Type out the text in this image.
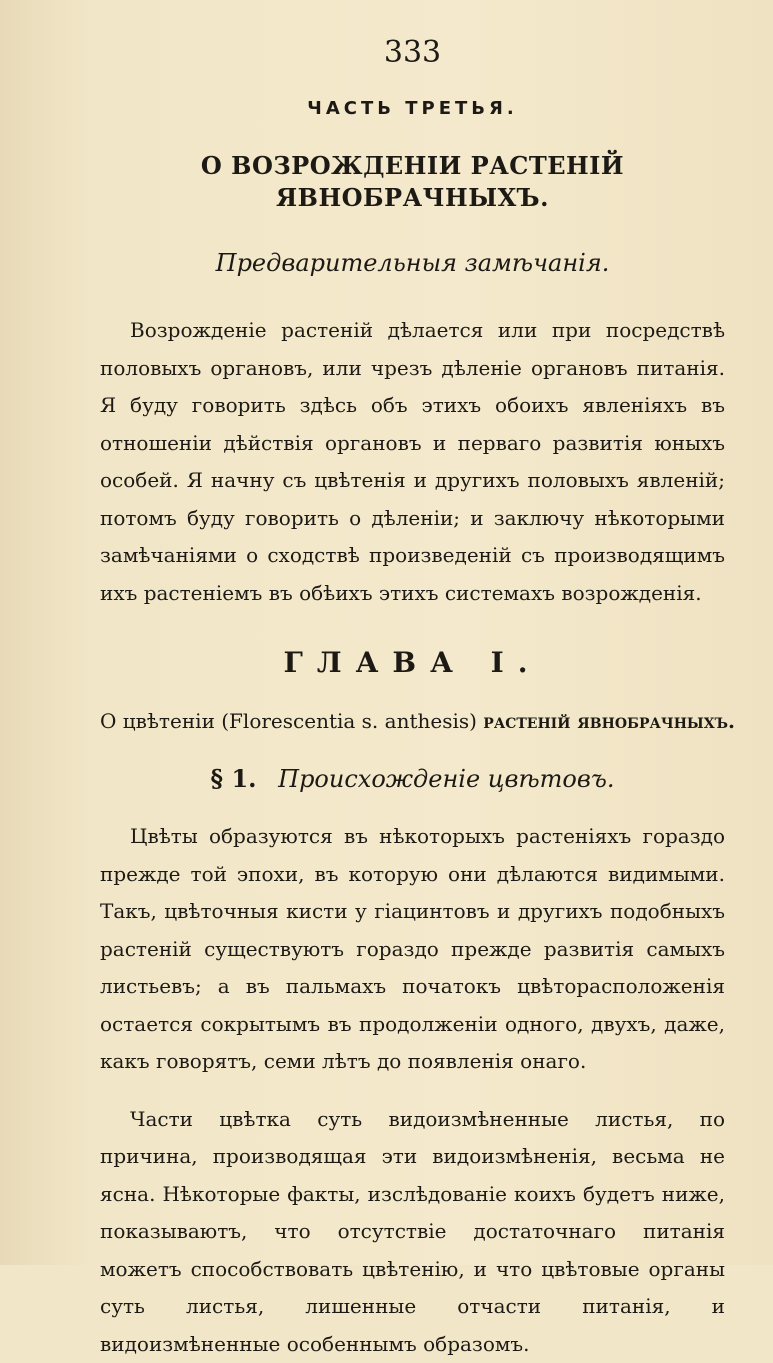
333
ЧАСТЬ ТРЕТЬЯ.
О ВОЗРОЖДЕНІИ РАСТЕНІЙ ЯВНОБРАЧНЫХЪ.
Предварительныя замѣчанія.

Возрожденіе растеній дѣлается или при посредствѣ половыхъ органовъ, или чрезъ дѣленіе органовъ питанія. Я буду говорить здѣсь объ этихъ обоихъ явленіяхъ въ отношеніи дѣйствія органовъ и перваго развитія юныхъ особей. Я начну съ цвѣтенія и другихъ половыхъ явленій; потомъ буду говорить о дѣленіи; и заключу нѣкоторыми замѣчаніями о сходствѣ произведеній съ производящимъ ихъ растеніемъ въ обѣихъ этихъ системахъ возрожденія.

ГЛАВА I.
О цвѣтеніи (Florescentia s. anthesis) растеній явнобрачныхъ.
§ 1. Происхожденіе цвѣтовъ.

Цвѣты образуются въ нѣкоторыхъ растеніяхъ гораздо прежде той эпохи, въ которую они дѣлаются видимыми. Такъ, цвѣточныя кисти у гіацинтовъ и другихъ подобныхъ растеній существуютъ гораздо прежде развитія самыхъ листьевъ; а въ пальмахъ початокъ цвѣторасположенія остается сокрытымъ въ продолженіи одного, двухъ, даже, какъ говорятъ, семи лѣтъ до появленія онаго.

Части цвѣтка суть видоизмѣненные листья, по причина, производящая эти видоизмѣненія, весьма не ясна. Нѣкоторые факты, изслѣдованіе коихъ будетъ ниже, показываютъ, что отсутствіе достаточнаго питанія можетъ способствовать цвѣтенію, и что цвѣтовые органы суть листья, лишенные отчасти питанія, и видоизмѣненные особеннымъ образомъ.
